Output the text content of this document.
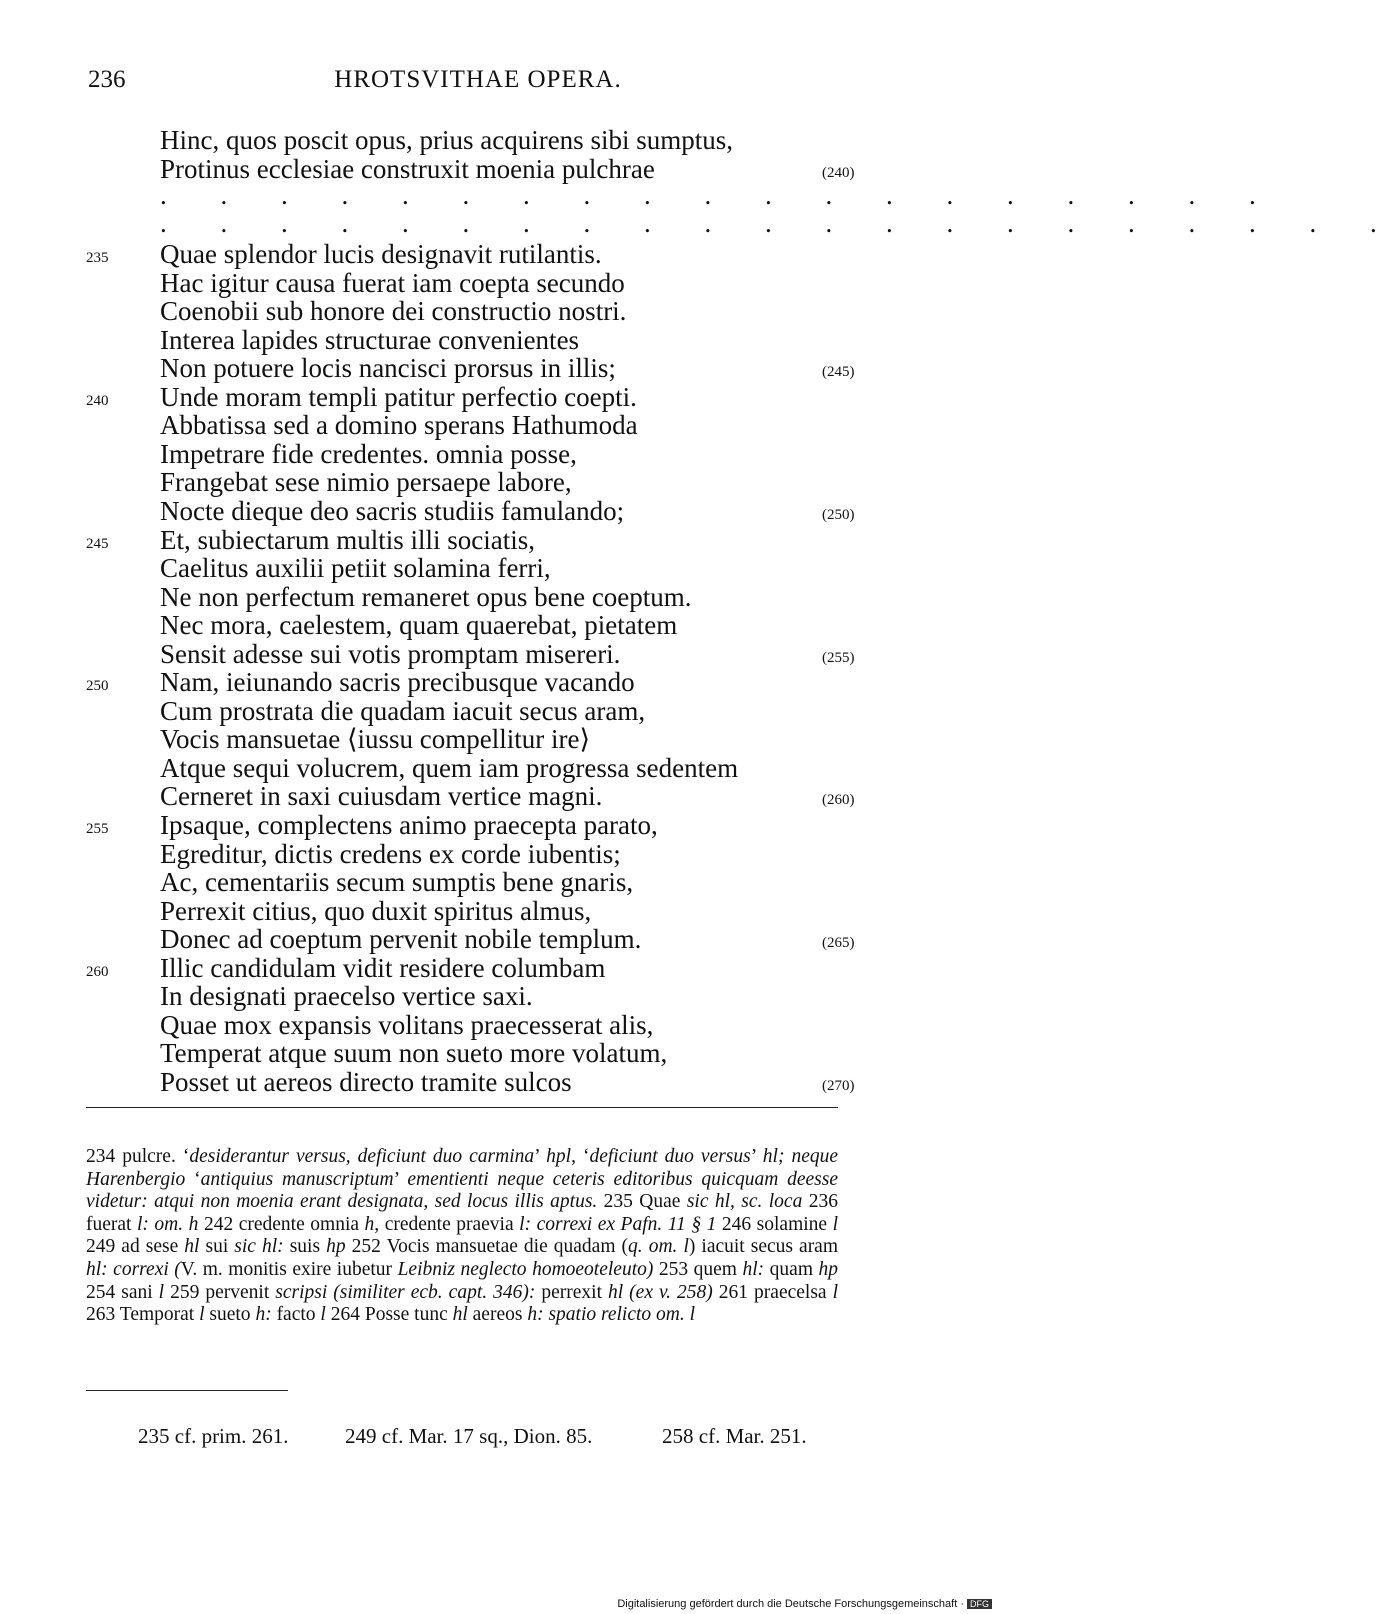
236	HROTSVITHAE OPERA.
Hinc, quos poscit opus, prius acquirens sibi sumptus,
Protinus ecclesiae construxit moenia pulchrae	(240)
. . . . . . . . . . . . . . . . . . .
. . . . . . . . . . . . . . . . . . . . .
235 Quae splendor lucis designavit rutilantis.
Hac igitur causa fuerat iam coepta secundo
Coenobii sub honore dei constructio nostri.
Interea lapides structurae convenientes
Non potuere locis nancisci prorsus in illis;	(245)
240 Unde moram templi patitur perfectio coepti.
Abbatissa sed a domino sperans Hathumoda
Impetrare fide credentes. omnia posse,
Frangebat sese nimio persaepe labore,
Nocte dieque deo sacris studiis famulando;	(250)
245 Et, subiectarum multis illi sociatis,
Caelitus auxilii petiit solamina ferri,
Ne non perfectum remaneret opus bene coeptum.
Nec mora, caelestem, quam quaerebat, pietatem
Sensit adesse sui votis promptam misereri.	(255)
250 Nam, ieiunando sacris precibusque vacando
Cum prostrata die quadam iacuit secus aram,
Vocis mansuetae ⟨iussu compellitur ire⟩
Atque sequi volucrem, quem iam progressa sedentem
Cerneret in saxi cuiusdam vertice magni.	(260)
255 Ipsaque, complectens animo praecepta parato,
Egreditur, dictis credens ex corde iubentis;
Ac, cementariis secum sumptis bene gnaris,
Perrexit citius, quo duxit spiritus almus,
Donec ad coeptum pervenit nobile templum.	(265)
260 Illic candidulam vidit residere columbam
In designati praecelso vertice saxi.
Quae mox expansis volitans praecesserat alis,
Temperat atque suum non sueto more volatum,
Posset ut aereos directo tramite sulcos	(270)

234 pulcre. ‘desiderantur versus, deficiunt duo carmina’ hpl, ‘deficiunt duo versus’ hl; neque Harenbergio ‘antiquius manuscriptum’ ementienti neque ceteris editoribus quicquam deesse videtur: atqui non moenia erant designata, sed locus illis aptus. 235 Quae sic hl, sc. loca 236 fuerat l: om. h 242 credente omnia h, credente praevia l: correxi ex Pafn. 11 § 1 246 solamine l 249 ad sese hl sui sic hl: suis hp 252 Vocis mansuetae die quadam (q. om. l) iacuit secus aram hl: correxi (V. m. monitis exire iubetur Leibniz neglecto homoeoteleuto) 253 quem hl: quam hp 254 sani l 259 pervenit scripsi (similiter ecb. capt. 346): perrexit hl (ex v. 258) 261 praecelsa l 263 Temporat l sueto h: facto l 264 Posse tunc hl aereos h: spatio relicto om. l

235 cf. prim. 261.	249 cf. Mar. 17 sq., Dion. 85.	258 cf. Mar. 251.
Digitalisierung gefördert durch die Deutsche Forschungsgemeinschaft · DFG
